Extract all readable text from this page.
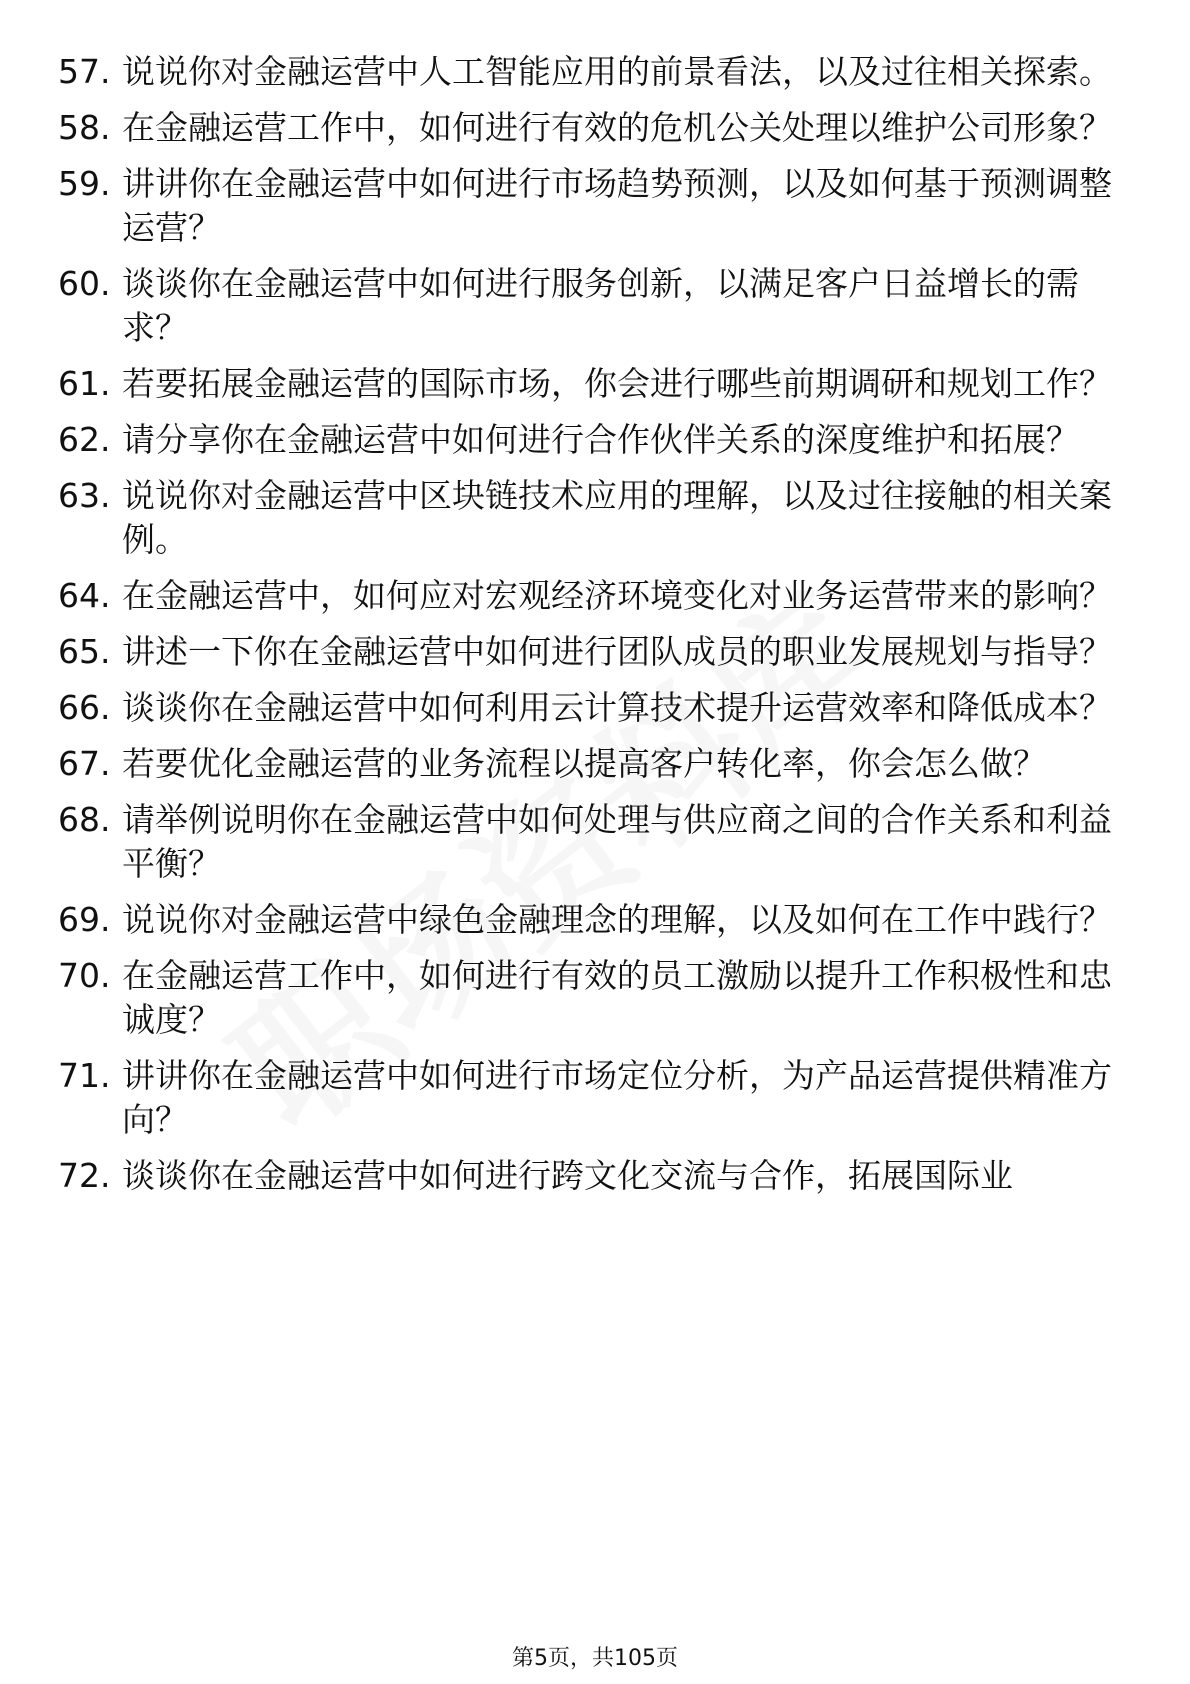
57. 说说你对金融运营中人工智能应用的前景看法，以及过往相关探索。
58. 在金融运营工作中，如何进行有效的危机公关处理以维护公司形象？
59. 讲讲你在金融运营中如何进行市场趋势预测，以及如何基于预测调整运营？
60. 谈谈你在金融运营中如何进行服务创新，以满足客户日益增长的需求？
61. 若要拓展金融运营的国际市场，你会进行哪些前期调研和规划工作？
62. 请分享你在金融运营中如何进行合作伙伴关系的深度维护和拓展？
63. 说说你对金融运营中区块链技术应用的理解，以及过往接触的相关案例。
64. 在金融运营中，如何应对宏观经济环境变化对业务运营带来的影响？
65. 讲述一下你在金融运营中如何进行团队成员的职业发展规划与指导？
66. 谈谈你在金融运营中如何利用云计算技术提升运营效率和降低成本？
67. 若要优化金融运营的业务流程以提高客户转化率，你会怎么做？
68. 请举例说明你在金融运营中如何处理与供应商之间的合作关系和利益平衡？
69. 说说你对金融运营中绿色金融理念的理解，以及如何在工作中践行？
70. 在金融运营工作中，如何进行有效的员工激励以提升工作积极性和忠诚度？
71. 讲讲你在金融运营中如何进行市场定位分析，为产品运营提供精准方向？
72. 谈谈你在金融运营中如何进行跨文化交流与合作，拓展国际业
第5页，共105页
